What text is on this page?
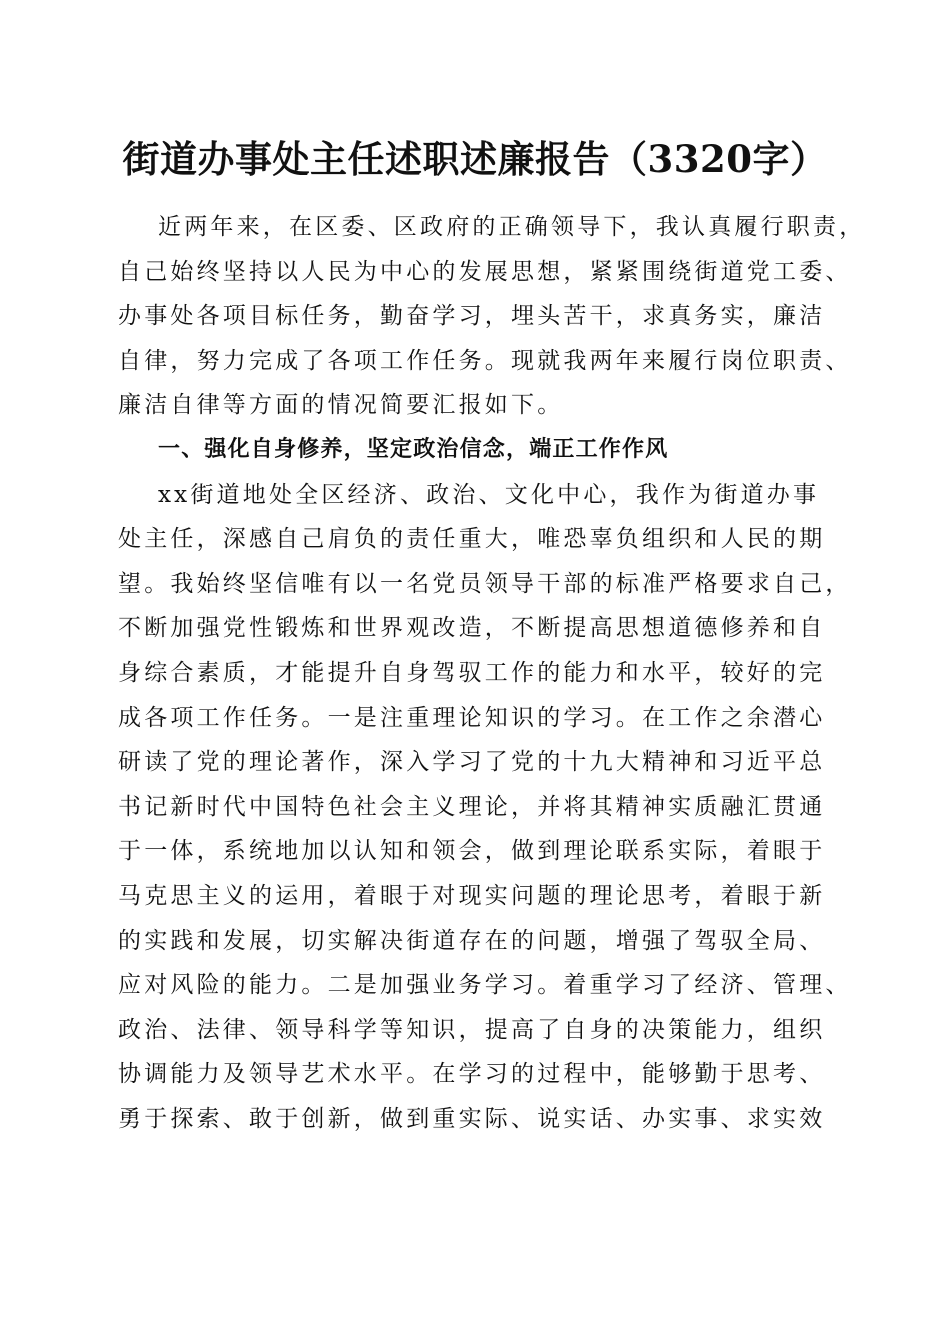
街道办事处主任述职述廉报告（3320字）
近两年来，在区委、区政府的正确领导下，我认真履行职责，
自己始终坚持以人民为中心的发展思想，紧紧围绕街道党工委、
办事处各项目标任务，勤奋学习，埋头苦干，求真务实，廉洁
自律，努力完成了各项工作任务。现就我两年来履行岗位职责、
廉洁自律等方面的情况简要汇报如下。
一、强化自身修养，坚定政治信念，端正工作作风
xx街道地处全区经济、政治、文化中心，我作为街道办事
处主任，深感自己肩负的责任重大，唯恐辜负组织和人民的期
望。我始终坚信唯有以一名党员领导干部的标准严格要求自己，
不断加强党性锻炼和世界观改造，不断提高思想道德修养和自
身综合素质，才能提升自身驾驭工作的能力和水平，较好的完
成各项工作任务。一是注重理论知识的学习。在工作之余潜心
研读了党的理论著作，深入学习了党的十九大精神和习近平总
书记新时代中国特色社会主义理论，并将其精神实质融汇贯通
于一体，系统地加以认知和领会，做到理论联系实际，着眼于
马克思主义的运用，着眼于对现实问题的理论思考，着眼于新
的实践和发展，切实解决街道存在的问题，增强了驾驭全局、
应对风险的能力。二是加强业务学习。着重学习了经济、管理、
政治、法律、领导科学等知识，提高了自身的决策能力，组织
协调能力及领导艺术水平。在学习的过程中，能够勤于思考、
勇于探索、敢于创新，做到重实际、说实话、办实事、求实效
